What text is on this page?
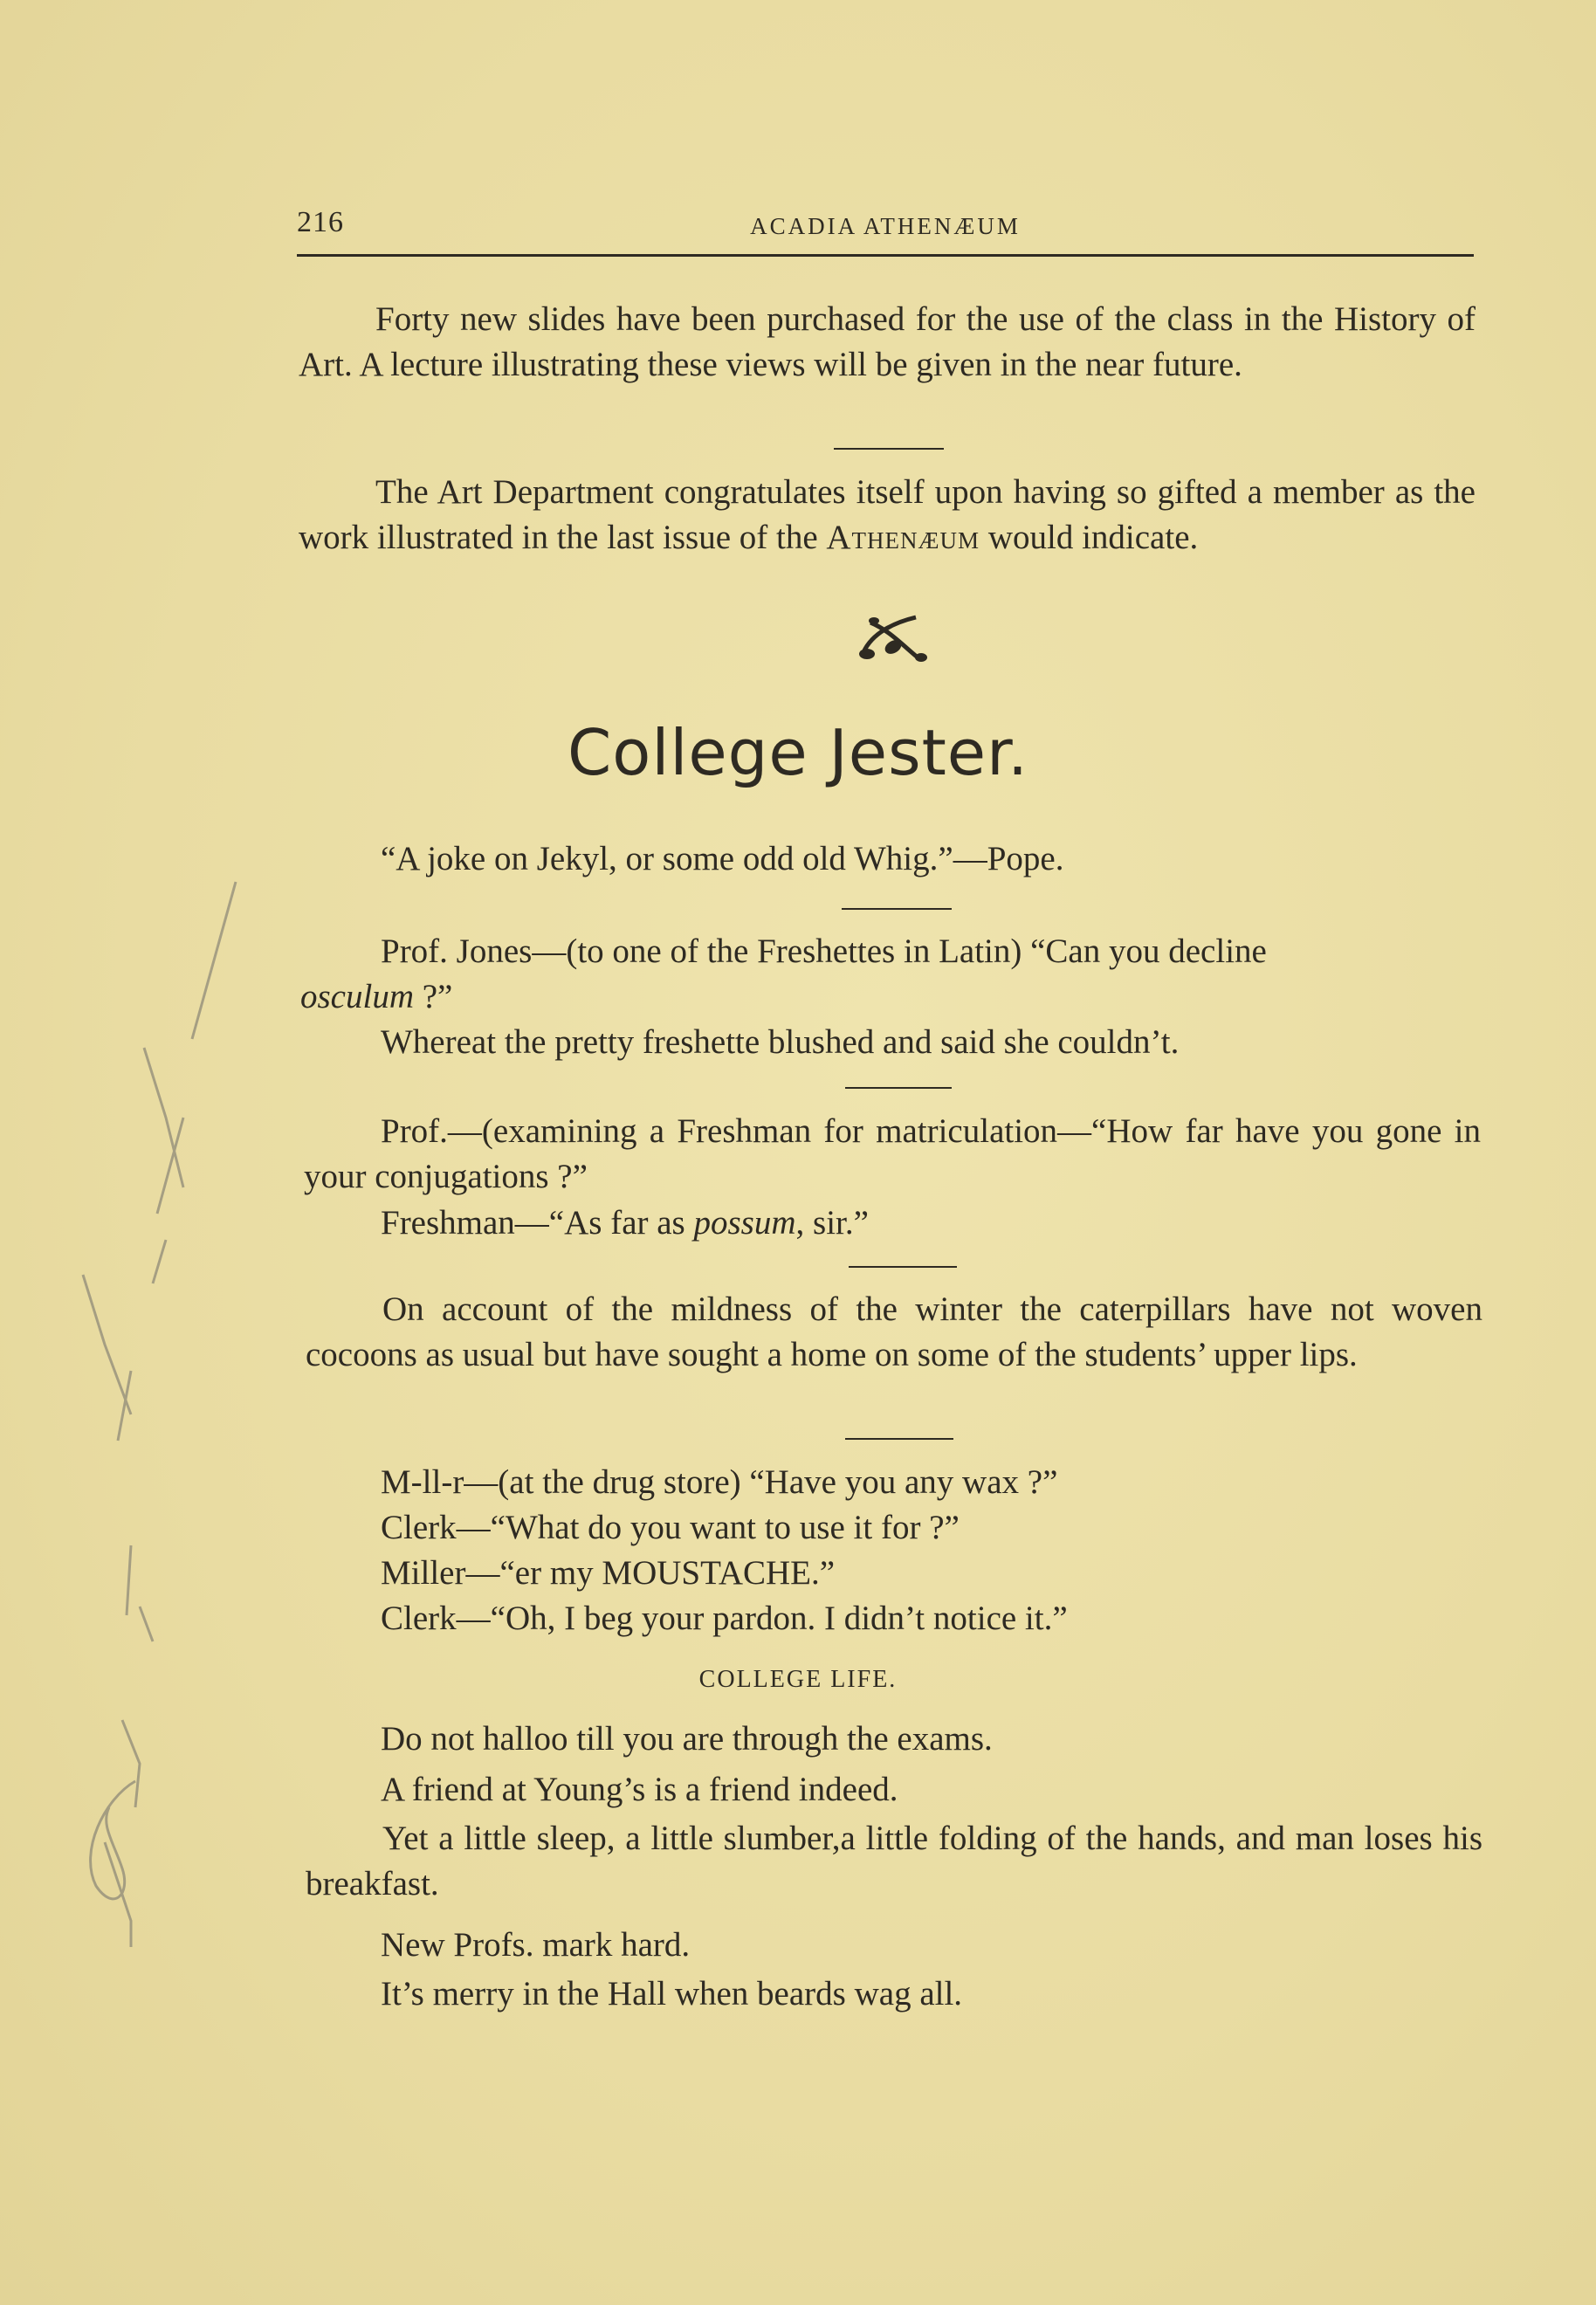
216	ACADIA ATHENÆUM

Forty new slides have been purchased for the use of the class in the History of Art. A lecture illustrating these views will be given in the near future.

The Art Department congratulates itself upon having so gifted a member as the work illustrated in the last issue of the Athenæum would indicate.

College Jester.

“A joke on Jekyl, or some odd old Whig.”—Pope.

Prof. Jones—(to one of the Freshettes in Latin) “Can you decline

osculum ?”

Whereat the pretty freshette blushed and said she couldn’t.

Prof.—(examining a Freshman for matriculation—“How far have you gone in your conjugations ?”

Freshman—“As far as possum, sir.”

On account of the mildness of the winter the caterpillars have not woven cocoons as usual but have sought a home on some of the students’ upper lips.

M-ll-r—(at the drug store) “Have you any wax ?”

Clerk—“What do you want to use it for ?”

Miller—“er my MOUSTACHE.”

Clerk—“Oh, I beg your pardon. I didn’t notice it.”

COLLEGE LIFE.

Do not halloo till you are through the exams.

A friend at Young’s is a friend indeed.

Yet a little sleep, a little slumber,a little folding of the hands, and man loses his breakfast.

New Profs. mark hard.

It’s merry in the Hall when beards wag all.
